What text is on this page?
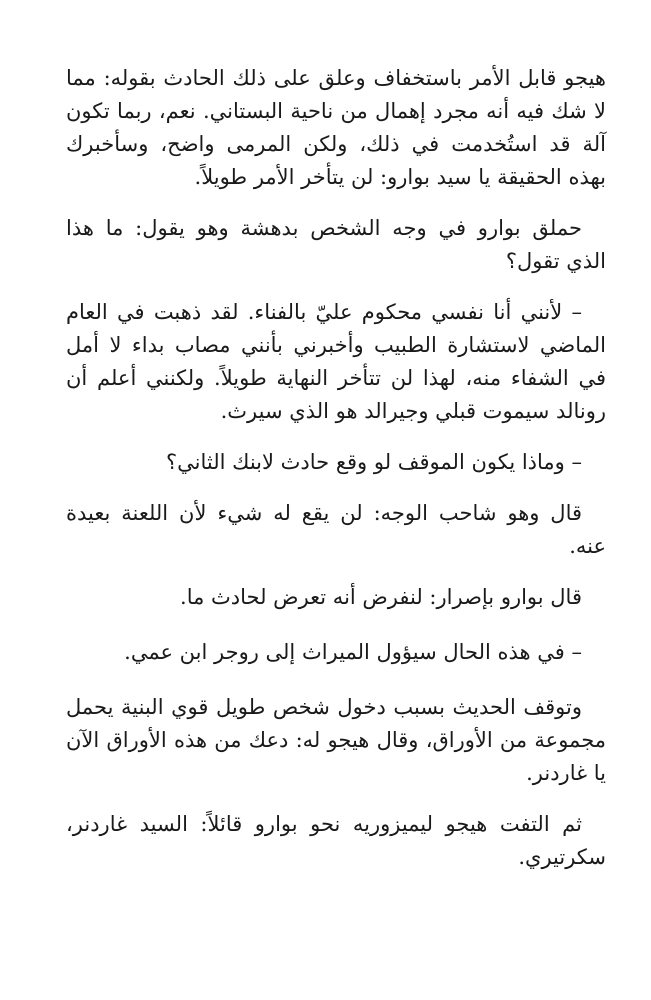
هيجو قابل الأمر باستخفاف وعلق على ذلك الحادث بقوله: مما لا شك فيه أنه مجرد إهمال من ناحية البستاني. نعم، ربما تكون آلة قد استُخدمت في ذلك، ولكن المرمى واضح، وسأخبرك بهذه الحقيقة يا سيد بوارو: لن يتأخر الأمر طويلاً.

حملق بوارو في وجه الشخص بدهشة وهو يقول: ما هذا الذي تقول؟

– لأنني أنا نفسي محكوم عليّ بالفناء. لقد ذهبت في العام الماضي لاستشارة الطبيب وأخبرني بأنني مصاب بداء لا أمل في الشفاء منه، لهذا لن تتأخر النهاية طويلاً. ولكنني أعلم أن رونالد سيموت قبلي وجيرالد هو الذي سيرث.

– وماذا يكون الموقف لو وقع حادث لابنك الثاني؟

قال وهو شاحب الوجه: لن يقع له شيء لأن اللعنة بعيدة عنه.

قال بوارو بإصرار: لنفرض أنه تعرض لحادث ما.

– في هذه الحال سيؤول الميراث إلى روجر ابن عمي.

وتوقف الحديث بسبب دخول شخص طويل قوي البنية يحمل مجموعة من الأوراق، وقال هيجو له: دعك من هذه الأوراق الآن يا غاردنر.

ثم التفت هيجو ليميزوريه نحو بوارو قائلاً: السيد غاردنر، سكرتيري.
